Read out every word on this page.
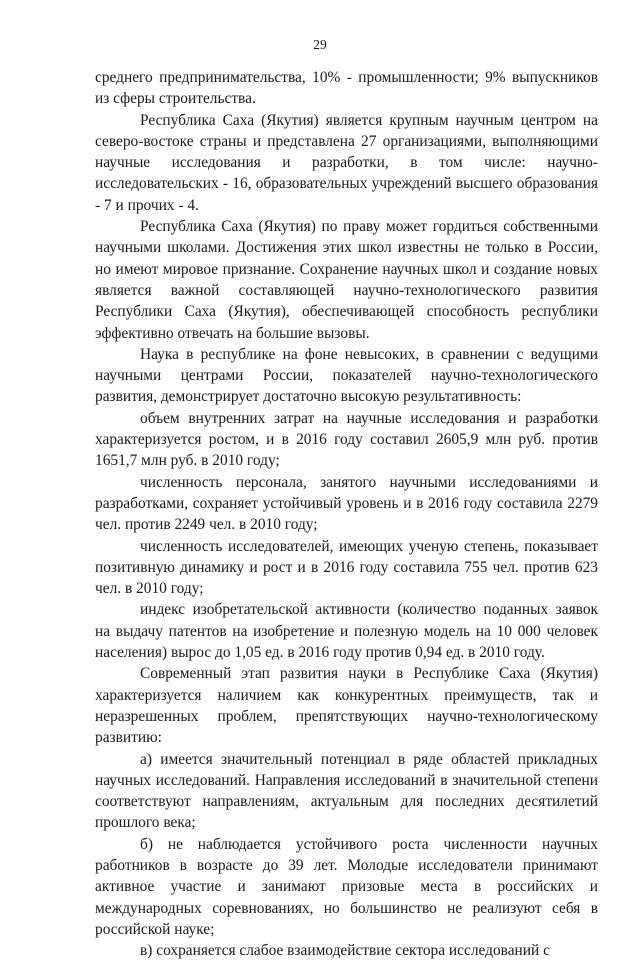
29

среднего предпринимательства, 10% - промышленности; 9% выпускников из сферы строительства.

Республика Саха (Якутия) является крупным научным центром на северо-востоке страны и представлена 27 организациями, выполняющими научные исследования и разработки, в том числе: научно-исследовательских - 16, образовательных учреждений высшего образования - 7 и прочих - 4.

Республика Саха (Якутия) по праву может гордиться собственными научными школами. Достижения этих школ известны не только в России, но имеют мировое признание. Сохранение научных школ и создание новых является важной составляющей научно-технологического развития Республики Саха (Якутия), обеспечивающей способность республики эффективно отвечать на большие вызовы.

Наука в республике на фоне невысоких, в сравнении с ведущими научными центрами России, показателей научно-технологического развития, демонстрирует достаточно высокую результативность:

объем внутренних затрат на научные исследования и разработки характеризуется ростом, и в 2016 году составил 2605,9 млн руб. против 1651,7 млн руб. в 2010 году;

численность персонала, занятого научными исследованиями и разработками, сохраняет устойчивый уровень и в 2016 году составила 2279 чел. против 2249 чел. в 2010 году;

численность исследователей, имеющих ученую степень, показывает позитивную динамику и рост и в 2016 году составила 755 чел. против 623 чел. в 2010 году;

индекс изобретательской активности (количество поданных заявок на выдачу патентов на изобретение и полезную модель на 10 000 человек населения) вырос до 1,05 ед. в 2016 году против 0,94 ед. в 2010 году.

Современный этап развития науки в Республике Саха (Якутия) характеризуется наличием как конкурентных преимуществ, так и неразрешенных проблем, препятствующих научно-технологическому развитию:

а) имеется значительный потенциал в ряде областей прикладных научных исследований. Направления исследований в значительной степени соответствуют направлениям, актуальным для последних десятилетий прошлого века;

б) не наблюдается устойчивого роста численности научных работников в возрасте до 39 лет. Молодые исследователи принимают активное участие и занимают призовые места в российских и международных соревнованиях, но большинство не реализуют себя в российской науке;

в) сохраняется слабое взаимодействие сектора исследований с
